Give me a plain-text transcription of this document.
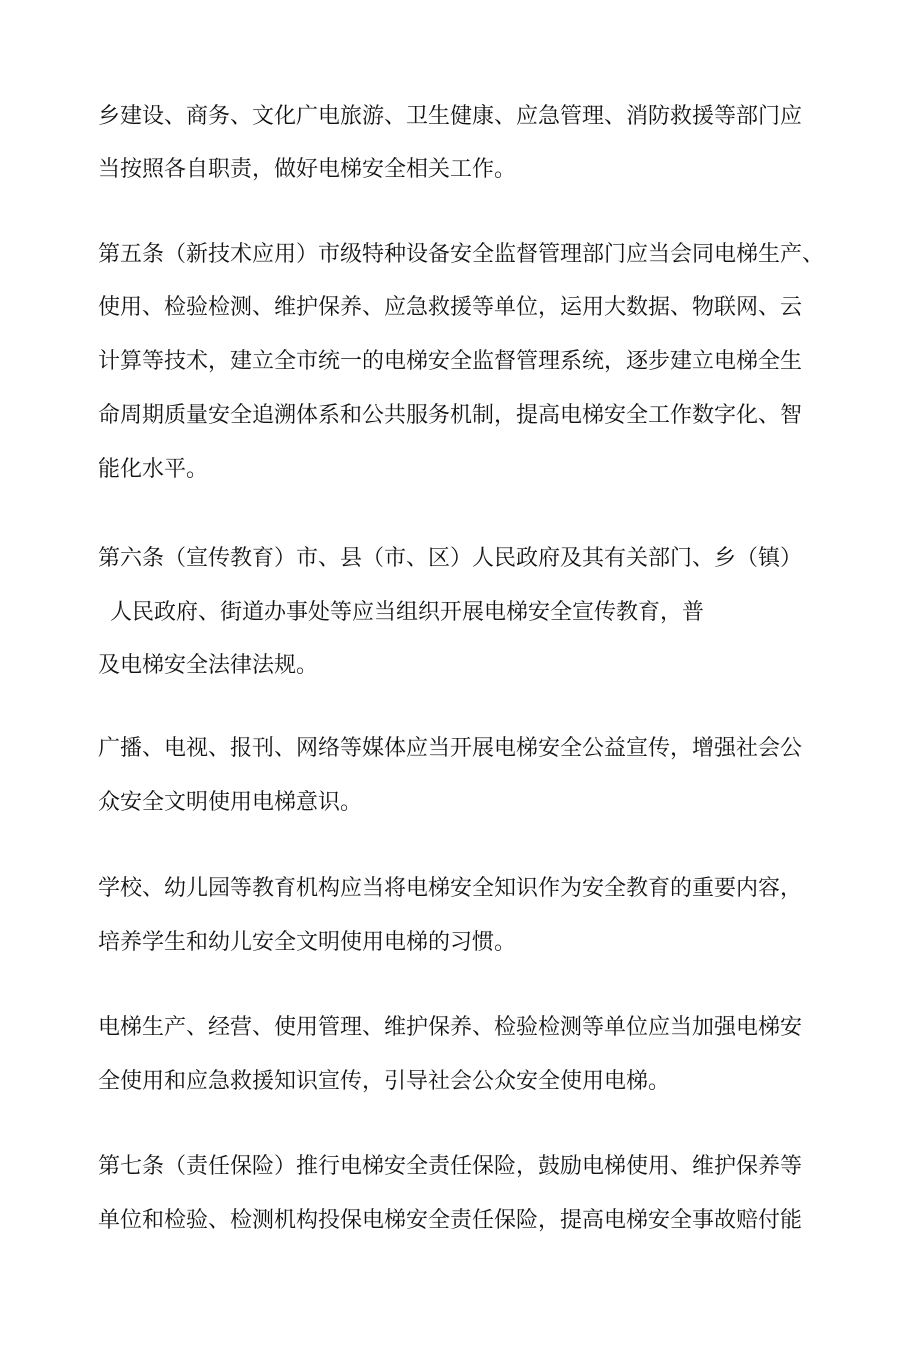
乡建设、商务、文化广电旅游、卫生健康、应急管理、消防救援等部门应

当按照各自职责，做好电梯安全相关工作。

第五条（新技术应用）市级特种设备安全监督管理部门应当会同电梯生产、

使用、检验检测、维护保养、应急救援等单位，运用大数据、物联网、云

计算等技术，建立全市统一的电梯安全监督管理系统，逐步建立电梯全生

命周期质量安全追溯体系和公共服务机制，提高电梯安全工作数字化、智

能化水平。

第六条（宣传教育）市、县（市、区）人民政府及其有关部门、乡（镇）

人民政府、街道办事处等应当组织开展电梯安全宣传教育，普

及电梯安全法律法规。

广播、电视、报刊、网络等媒体应当开展电梯安全公益宣传，增强社会公

众安全文明使用电梯意识。

学校、幼儿园等教育机构应当将电梯安全知识作为安全教育的重要内容，

培养学生和幼儿安全文明使用电梯的习惯。

电梯生产、经营、使用管理、维护保养、检验检测等单位应当加强电梯安

全使用和应急救援知识宣传，引导社会公众安全使用电梯。

第七条（责任保险）推行电梯安全责任保险，鼓励电梯使用、维护保养等

单位和检验、检测机构投保电梯安全责任保险，提高电梯安全事故赔付能
